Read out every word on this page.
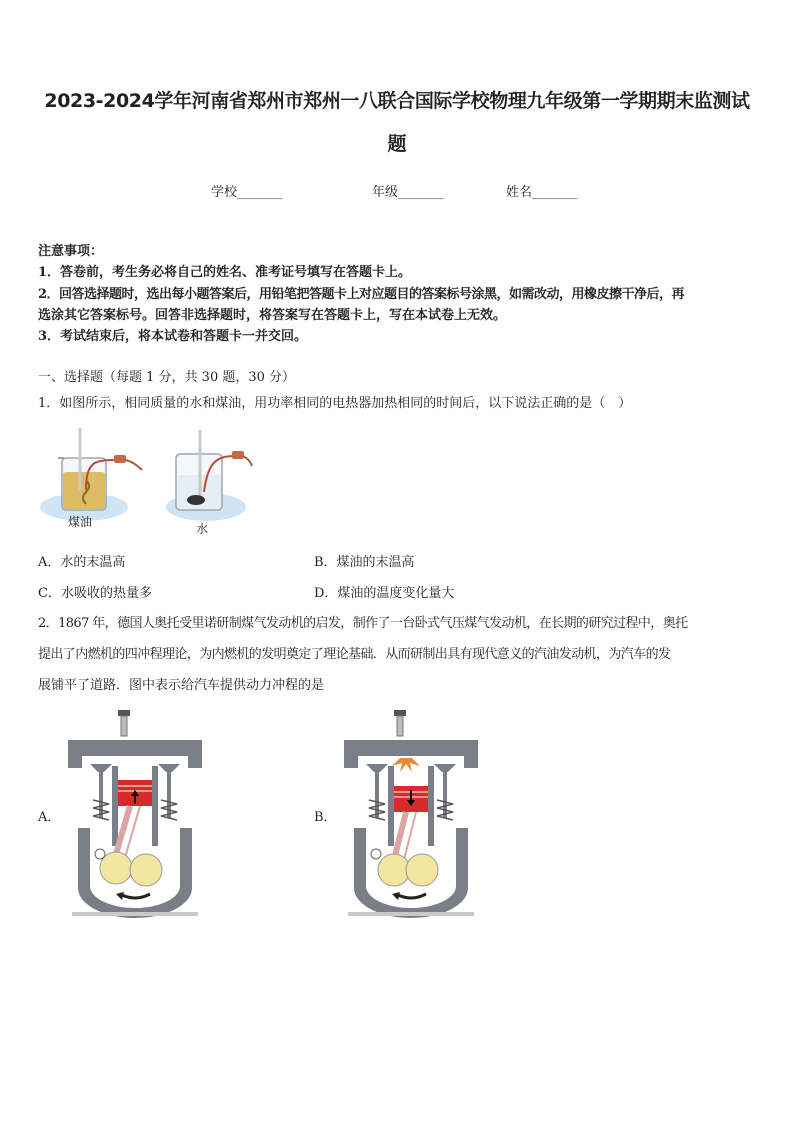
2023-2024学年河南省郑州市郑州一八联合国际学校物理九年级第一学期期末监测试
题
学校_______	年级_______	姓名_______
注意事项：
1．答卷前，考生务必将自己的姓名、准考证号填写在答题卡上。
2．回答选择题时，选出每小题答案后，用铅笔把答题卡上对应题目的答案标号涂黑，如需改动，用橡皮擦干净后，再
选涂其它答案标号。回答非选择题时，将答案写在答题卡上，写在本试卷上无效。
3．考试结束后，将本试卷和答题卡一并交回。
一、选择题（每题 1 分，共 30 题，30 分）
1．如图所示，相同质量的水和煤油，用功率相同的电热器加热相同的时间后，以下说法正确的是（　）
煤油	水
A．水的末温高	B．煤油的末温高
C．水吸收的热量多	D．煤油的温度变化量大
2．1867 年，德国人奥托受里诺研制煤气发动机的启发，制作了一台卧式气压煤气发动机，在长期的研究过程中，奥托
提出了内燃机的四冲程理论，为内燃机的发明奠定了理论基础．从而研制出具有现代意义的汽油发动机，为汽车的发
展铺平了道路．图中表示给汽车提供动力冲程的是
A．	B．
